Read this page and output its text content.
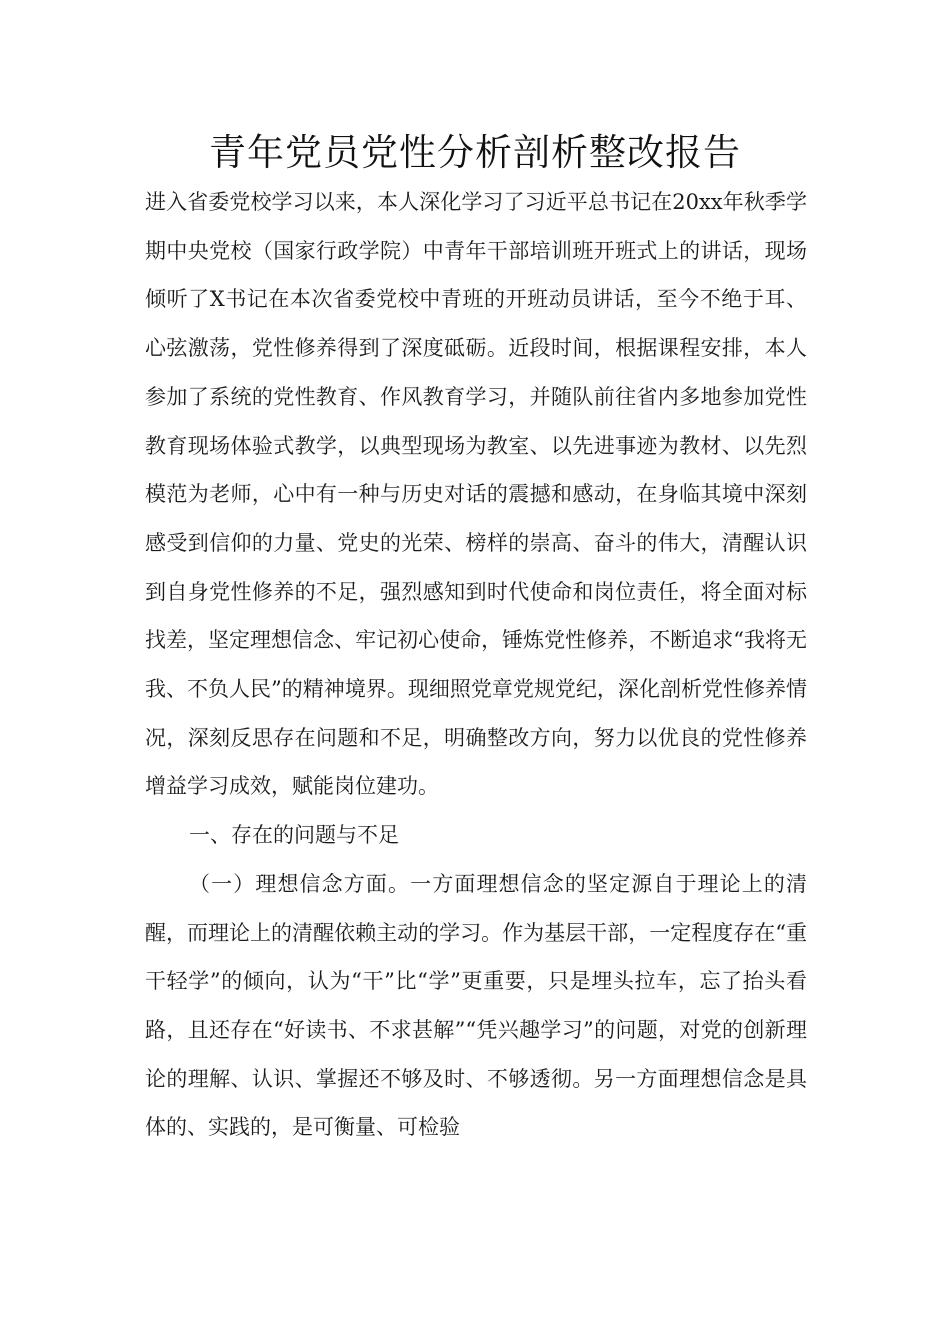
青年党员党性分析剖析整改报告

进入省委党校学习以来，本人深化学习了习近平总书记在20xx年秋季学期中央党校（国家行政学院）中青年干部培训班开班式上的讲话，现场倾听了X书记在本次省委党校中青班的开班动员讲话，至今不绝于耳、心弦激荡，党性修养得到了深度砥砺。近段时间，根据课程安排，本人参加了系统的党性教育、作风教育学习，并随队前往省内多地参加党性教育现场体验式教学，以典型现场为教室、以先进事迹为教材、以先烈模范为老师，心中有一种与历史对话的震撼和感动，在身临其境中深刻感受到信仰的力量、党史的光荣、榜样的崇高、奋斗的伟大，清醒认识到自身党性修养的不足，强烈感知到时代使命和岗位责任，将全面对标找差，坚定理想信念、牢记初心使命，锤炼党性修养，不断追求“我将无我、不负人民”的精神境界。现细照党章党规党纪，深化剖析党性修养情况，深刻反思存在问题和不足，明确整改方向，努力以优良的党性修养增益学习成效，赋能岗位建功。

一、存在的问题与不足

（一）理想信念方面。一方面理想信念的坚定源自于理论上的清醒，而理论上的清醒依赖主动的学习。作为基层干部，一定程度存在“重干轻学”的倾向，认为“干”比“学”更重要，只是埋头拉车，忘了抬头看路，且还存在“好读书、不求甚解”“凭兴趣学习”的问题，对党的创新理论的理解、认识、掌握还不够及时、不够透彻。另一方面理想信念是具体的、实践的，是可衡量、可检验
